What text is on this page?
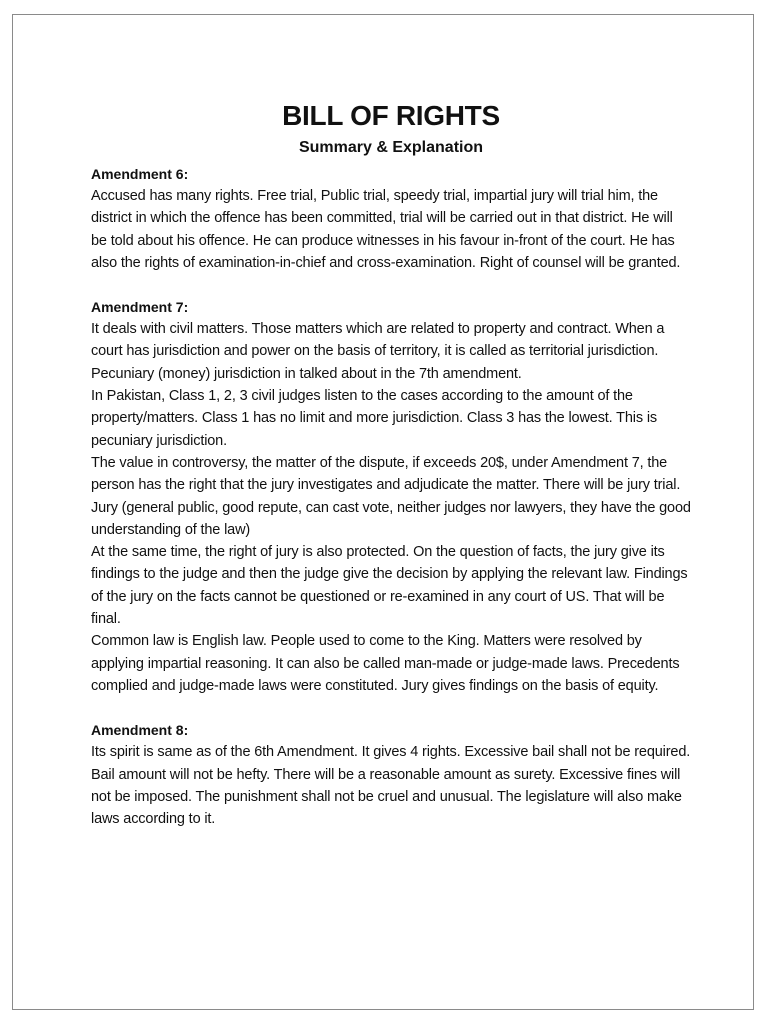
BILL OF RIGHTS
Summary & Explanation

Amendment 6:

Accused has many rights. Free trial, Public trial, speedy trial, impartial jury will trial him, the district in which the offence has been committed, trial will be carried out in that district. He will be told about his offence. He can produce witnesses in his favour in-front of the court. He has also the rights of examination-in-chief and cross-examination. Right of counsel will be granted.

Amendment 7:

It deals with civil matters. Those matters which are related to property and contract. When a court has jurisdiction and power on the basis of territory, it is called as territorial jurisdiction. Pecuniary (money) jurisdiction in talked about in the 7th amendment.

In Pakistan, Class 1, 2, 3 civil judges listen to the cases according to the amount of the property/matters. Class 1 has no limit and more jurisdiction. Class 3 has the lowest. This is pecuniary jurisdiction.

The value in controversy, the matter of the dispute, if exceeds 20$, under Amendment 7, the person has the right that the jury investigates and adjudicate the matter. There will be jury trial. Jury (general public, good repute, can cast vote, neither judges nor lawyers, they have the good understanding of the law)

At the same time, the right of jury is also protected. On the question of facts, the jury give its findings to the judge and then the judge give the decision by applying the relevant law. Findings of the jury on the facts cannot be questioned or re-examined in any court of US. That will be final.

Common law is English law. People used to come to the King. Matters were resolved by applying impartial reasoning. It can also be called man-made or judge-made laws. Precedents complied and judge-made laws were constituted. Jury gives findings on the basis of equity.

Amendment 8:

Its spirit is same as of the 6th Amendment. It gives 4 rights. Excessive bail shall not be required. Bail amount will not be hefty. There will be a reasonable amount as surety. Excessive fines will not be imposed. The punishment shall not be cruel and unusual. The legislature will also make laws according to it.
